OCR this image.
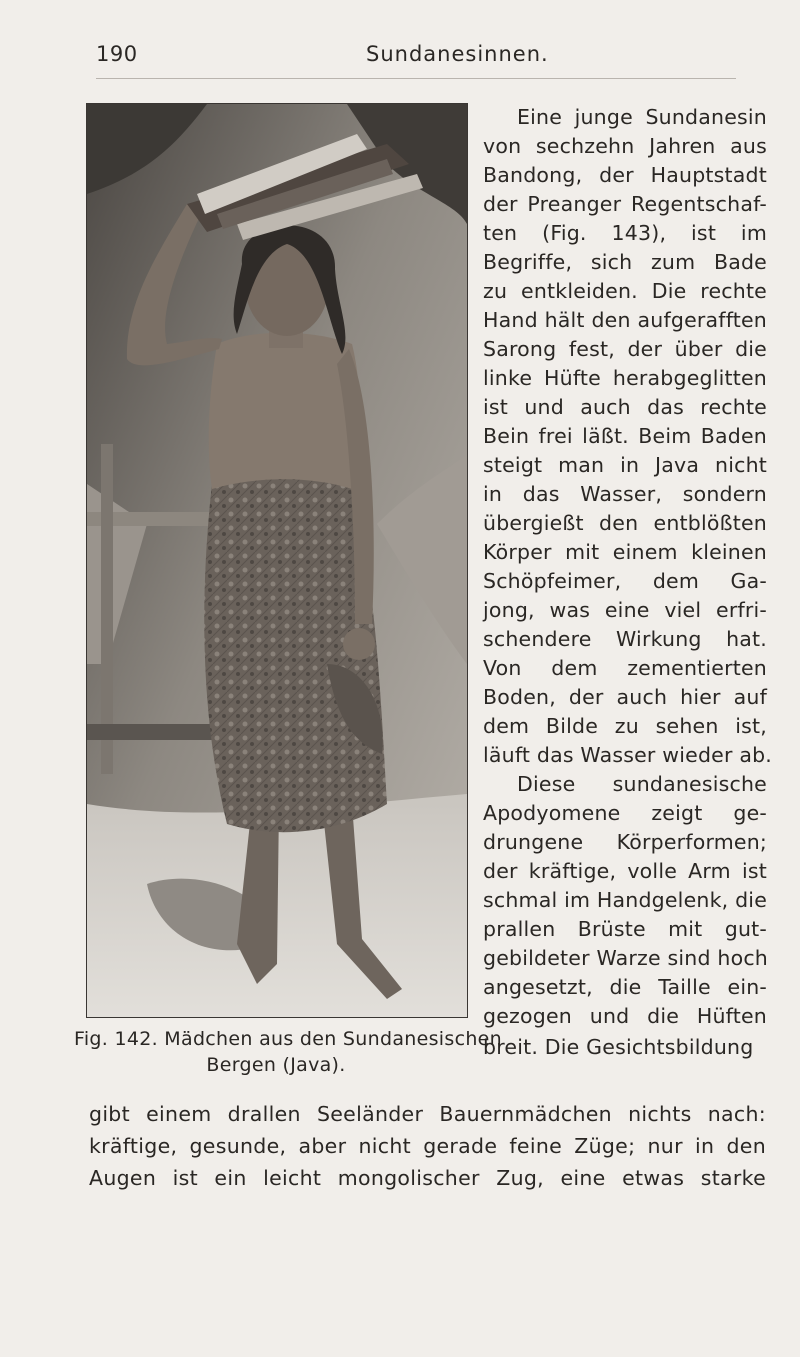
190	Sundanesinnen.
Fig. 142. Mädchen aus den Sundanesischen
Bergen (Java).
Eine junge Sundanesin
von sechzehn Jahren aus
Bandong, der Hauptstadt
der Preanger Regentschaf-
ten (Fig. 143), ist im
Begriffe, sich zum Bade
zu entkleiden. Die rechte
Hand hält den aufgerafften
Sarong fest, der über die
linke Hüfte herabgeglitten
ist und auch das rechte
Bein frei läßt. Beim Baden
steigt man in Java nicht
in das Wasser, sondern
übergießt den entblößten
Körper mit einem kleinen
Schöpfeimer, dem Ga-
jong, was eine viel erfri-
schendere Wirkung hat.
Von dem zementierten
Boden, der auch hier auf
dem Bilde zu sehen ist,
läuft das Wasser wieder ab.
Diese sundanesische
Apodyomene zeigt ge-
drungene Körperformen;
der kräftige, volle Arm ist
schmal im Handgelenk, die
prallen Brüste mit gut-
gebildeter Warze sind hoch
angesetzt, die Taille ein-
gezogen und die Hüften
breit. Die Gesichtsbildung
gibt einem drallen Seeländer Bauernmädchen nichts nach:
kräftige, gesunde, aber nicht gerade feine Züge; nur in den
Augen ist ein leicht mongolischer Zug, eine etwas starke
